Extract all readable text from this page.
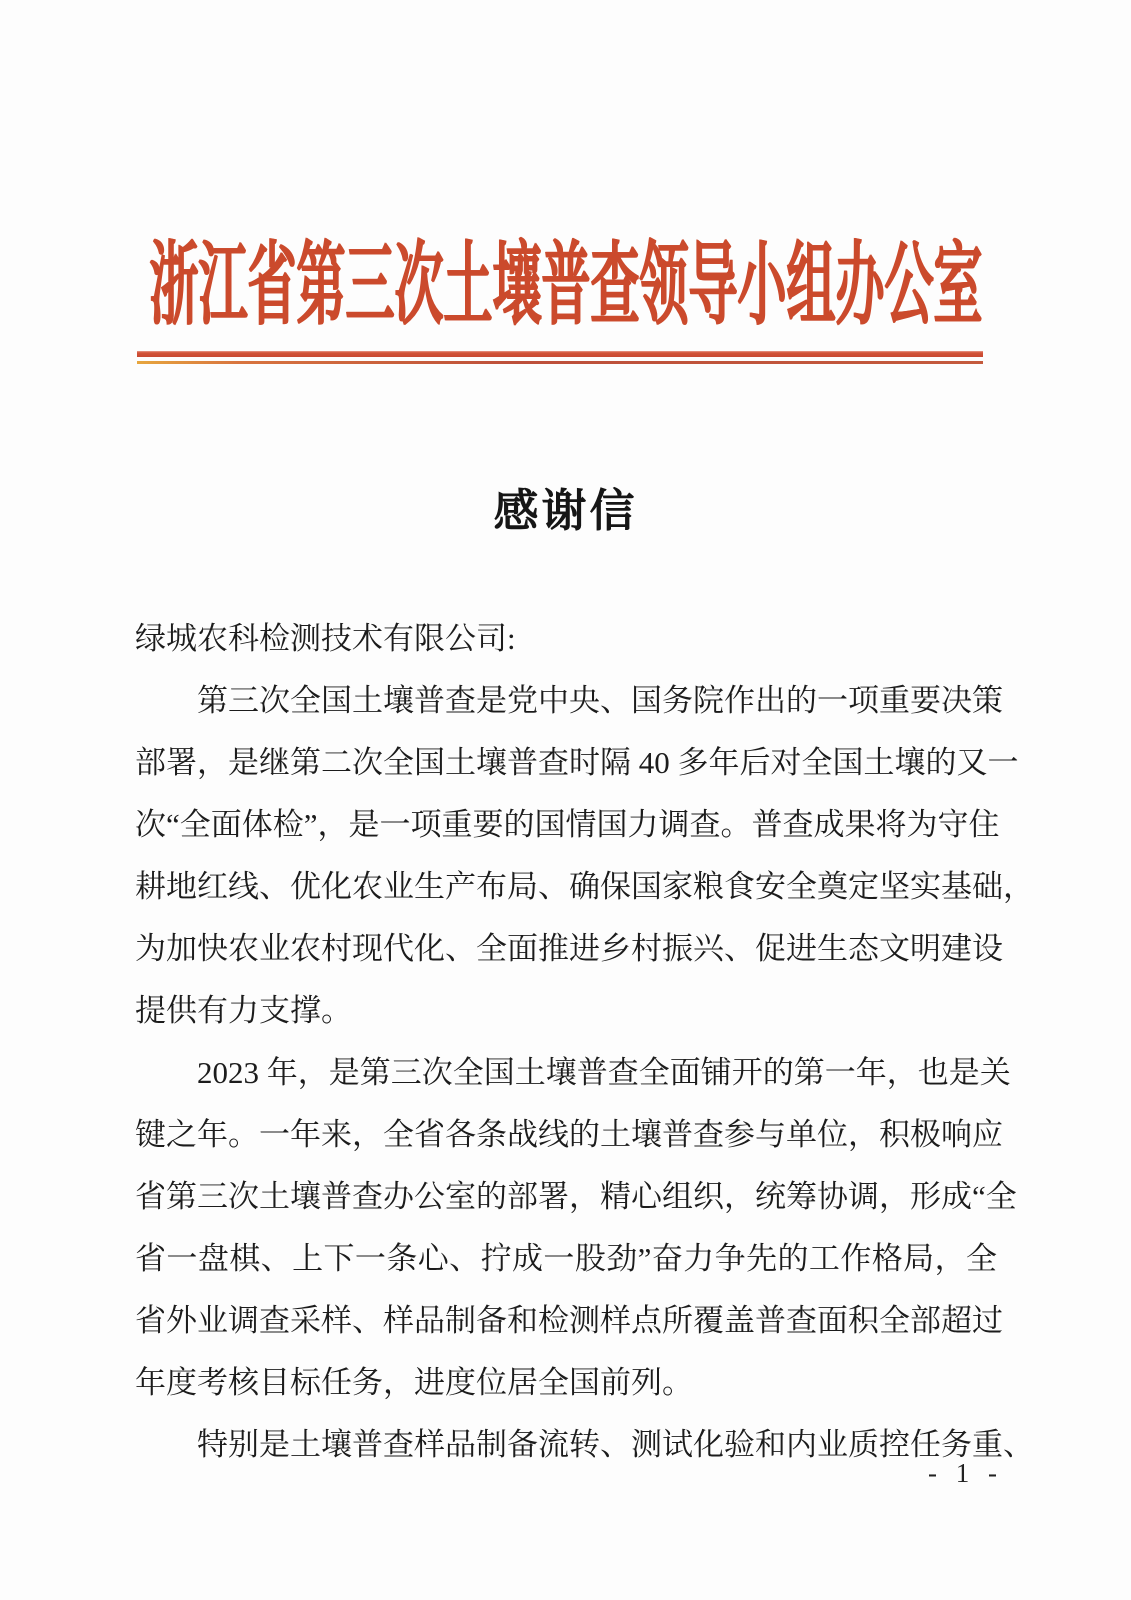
浙江省第三次土壤普查领导小组办公室
感谢信
绿城农科检测技术有限公司:
第三次全国土壤普查是党中央、国务院作出的一项重要决策
部署，是继第二次全国土壤普查时隔 40 多年后对全国土壤的又一
次“全面体检”，是一项重要的国情国力调查。普查成果将为守住
耕地红线、优化农业生产布局、确保国家粮食安全奠定坚实基础，
为加快农业农村现代化、全面推进乡村振兴、促进生态文明建设
提供有力支撑。
2023 年，是第三次全国土壤普查全面铺开的第一年，也是关
键之年。一年来，全省各条战线的土壤普查参与单位，积极响应
省第三次土壤普查办公室的部署，精心组织，统筹协调，形成“全
省一盘棋、上下一条心、拧成一股劲”奋力争先的工作格局，全
省外业调查采样、样品制备和检测样点所覆盖普查面积全部超过
年度考核目标任务，进度位居全国前列。
特别是土壤普查样品制备流转、测试化验和内业质控任务重、
- 1 -
